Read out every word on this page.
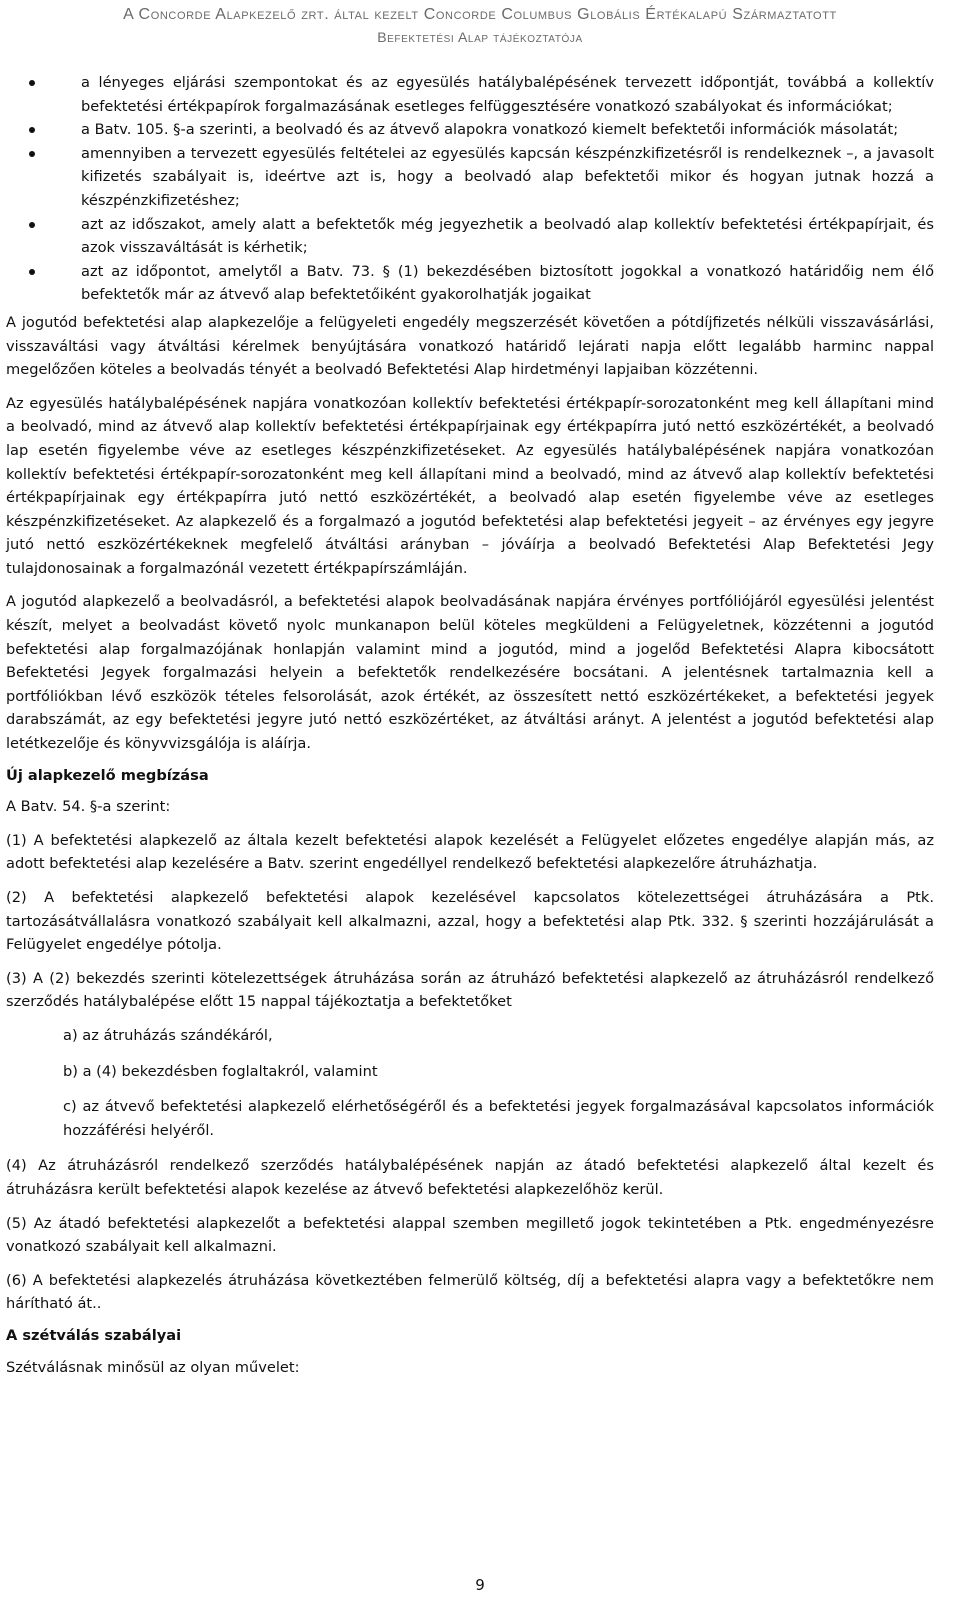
A Concorde Alapkezelő zrt. által kezelt Concorde Columbus Globális Értékalapú Származtatott
Befektetési Alap tájékoztatója
a lényeges eljárási szempontokat és az egyesülés hatálybalépésének tervezett időpontját, továbbá a kollektív befektetési értékpapírok forgalmazásának esetleges felfüggesztésére vonatkozó szabályokat és információkat;
a Batv. 105. §-a szerinti, a beolvadó és az átvevő alapokra vonatkozó kiemelt befektetői információk másolatát;
amennyiben a tervezett egyesülés feltételei az egyesülés kapcsán készpénzkifizetésről is rendelkeznek –, a javasolt kifizetés szabályait is, ideértve azt is, hogy a beolvadó alap befektetői mikor és hogyan jutnak hozzá a készpénzkifizetéshez;
azt az időszakot, amely alatt a befektetők még jegyezhetik a beolvadó alap kollektív befektetési értékpapírjait, és azok visszaváltását is kérhetik;
azt az időpontot, amelytől a Batv. 73. § (1) bekezdésében biztosított jogokkal a vonatkozó határidőig nem élő befektetők már az átvevő alap befektetőiként gyakorolhatják jogaikat

A jogutód befektetési alap alapkezelője a felügyeleti engedély megszerzését követően a pótdíjfizetés nélküli visszavásárlási, visszaváltási vagy átváltási kérelmek benyújtására vonatkozó határidő lejárati napja előtt legalább harminc nappal megelőzően köteles a beolvadás tényét a beolvadó Befektetési Alap hirdetményi lapjaiban közzétenni.

Az egyesülés hatálybalépésének napjára vonatkozóan kollektív befektetési értékpapír-sorozatonként meg kell állapítani mind a beolvadó, mind az átvevő alap kollektív befektetési értékpapírjainak egy értékpapírra jutó nettó eszközértékét, a beolvadó lap esetén figyelembe véve az esetleges készpénzkifizetéseket. Az egyesülés hatálybalépésének napjára vonatkozóan kollektív befektetési értékpapír-sorozatonként meg kell állapítani mind a beolvadó, mind az átvevő alap kollektív befektetési értékpapírjainak egy értékpapírra jutó nettó eszközértékét, a beolvadó alap esetén figyelembe véve az esetleges készpénzkifizetéseket. Az alapkezelő és a forgalmazó a jogutód befektetési alap befektetési jegyeit – az érvényes egy jegyre jutó nettó eszközértékeknek megfelelő átváltási arányban – jóváírja a beolvadó Befektetési Alap Befektetési Jegy tulajdonosainak a forgalmazónál vezetett értékpapírszámláján.

A jogutód alapkezelő a beolvadásról, a befektetési alapok beolvadásának napjára érvényes portfóliójáról egyesülési jelentést készít, melyet a beolvadást követő nyolc munkanapon belül köteles megküldeni a Felügyeletnek, közzétenni a jogutód befektetési alap forgalmazójának honlapján valamint mind a jogutód, mind a jogelőd Befektetési Alapra kibocsátott Befektetési Jegyek forgalmazási helyein a befektetők rendelkezésére bocsátani. A jelentésnek tartalmaznia kell a portfóliókban lévő eszközök tételes felsorolását, azok értékét, az összesített nettó eszközértékeket, a befektetési jegyek darabszámát, az egy befektetési jegyre jutó nettó eszközértéket, az átváltási arányt. A jelentést a jogutód befektetési alap letétkezelője és könyvvizsgálója is aláírja.

Új alapkezelő megbízása

A Batv. 54. §-a szerint:

(1) A befektetési alapkezelő az általa kezelt befektetési alapok kezelését a Felügyelet előzetes engedélye alapján más, az adott befektetési alap kezelésére a Batv. szerint engedéllyel rendelkező befektetési alapkezelőre átruházhatja.

(2) A befektetési alapkezelő befektetési alapok kezelésével kapcsolatos kötelezettségei átruházására a Ptk. tartozásátvállalásra vonatkozó szabályait kell alkalmazni, azzal, hogy a befektetési alap Ptk. 332. § szerinti hozzájárulását a Felügyelet engedélye pótolja.

(3) A (2) bekezdés szerinti kötelezettségek átruházása során az átruházó befektetési alapkezelő az átruházásról rendelkező szerződés hatálybalépése előtt 15 nappal tájékoztatja a befektetőket

a) az átruházás szándékáról,

b) a (4) bekezdésben foglaltakról, valamint

c) az átvevő befektetési alapkezelő elérhetőségéről és a befektetési jegyek forgalmazásával kapcsolatos információk hozzáférési helyéről.

(4) Az átruházásról rendelkező szerződés hatálybalépésének napján az átadó befektetési alapkezelő által kezelt és átruházásra került befektetési alapok kezelése az átvevő befektetési alapkezelőhöz kerül.

(5) Az átadó befektetési alapkezelőt a befektetési alappal szemben megillető jogok tekintetében a Ptk. engedményezésre vonatkozó szabályait kell alkalmazni.

(6) A befektetési alapkezelés átruházása következtében felmerülő költség, díj a befektetési alapra vagy a befektetőkre nem hárítható át..

A szétválás szabályai

Szétválásnak minősül az olyan művelet:

9
